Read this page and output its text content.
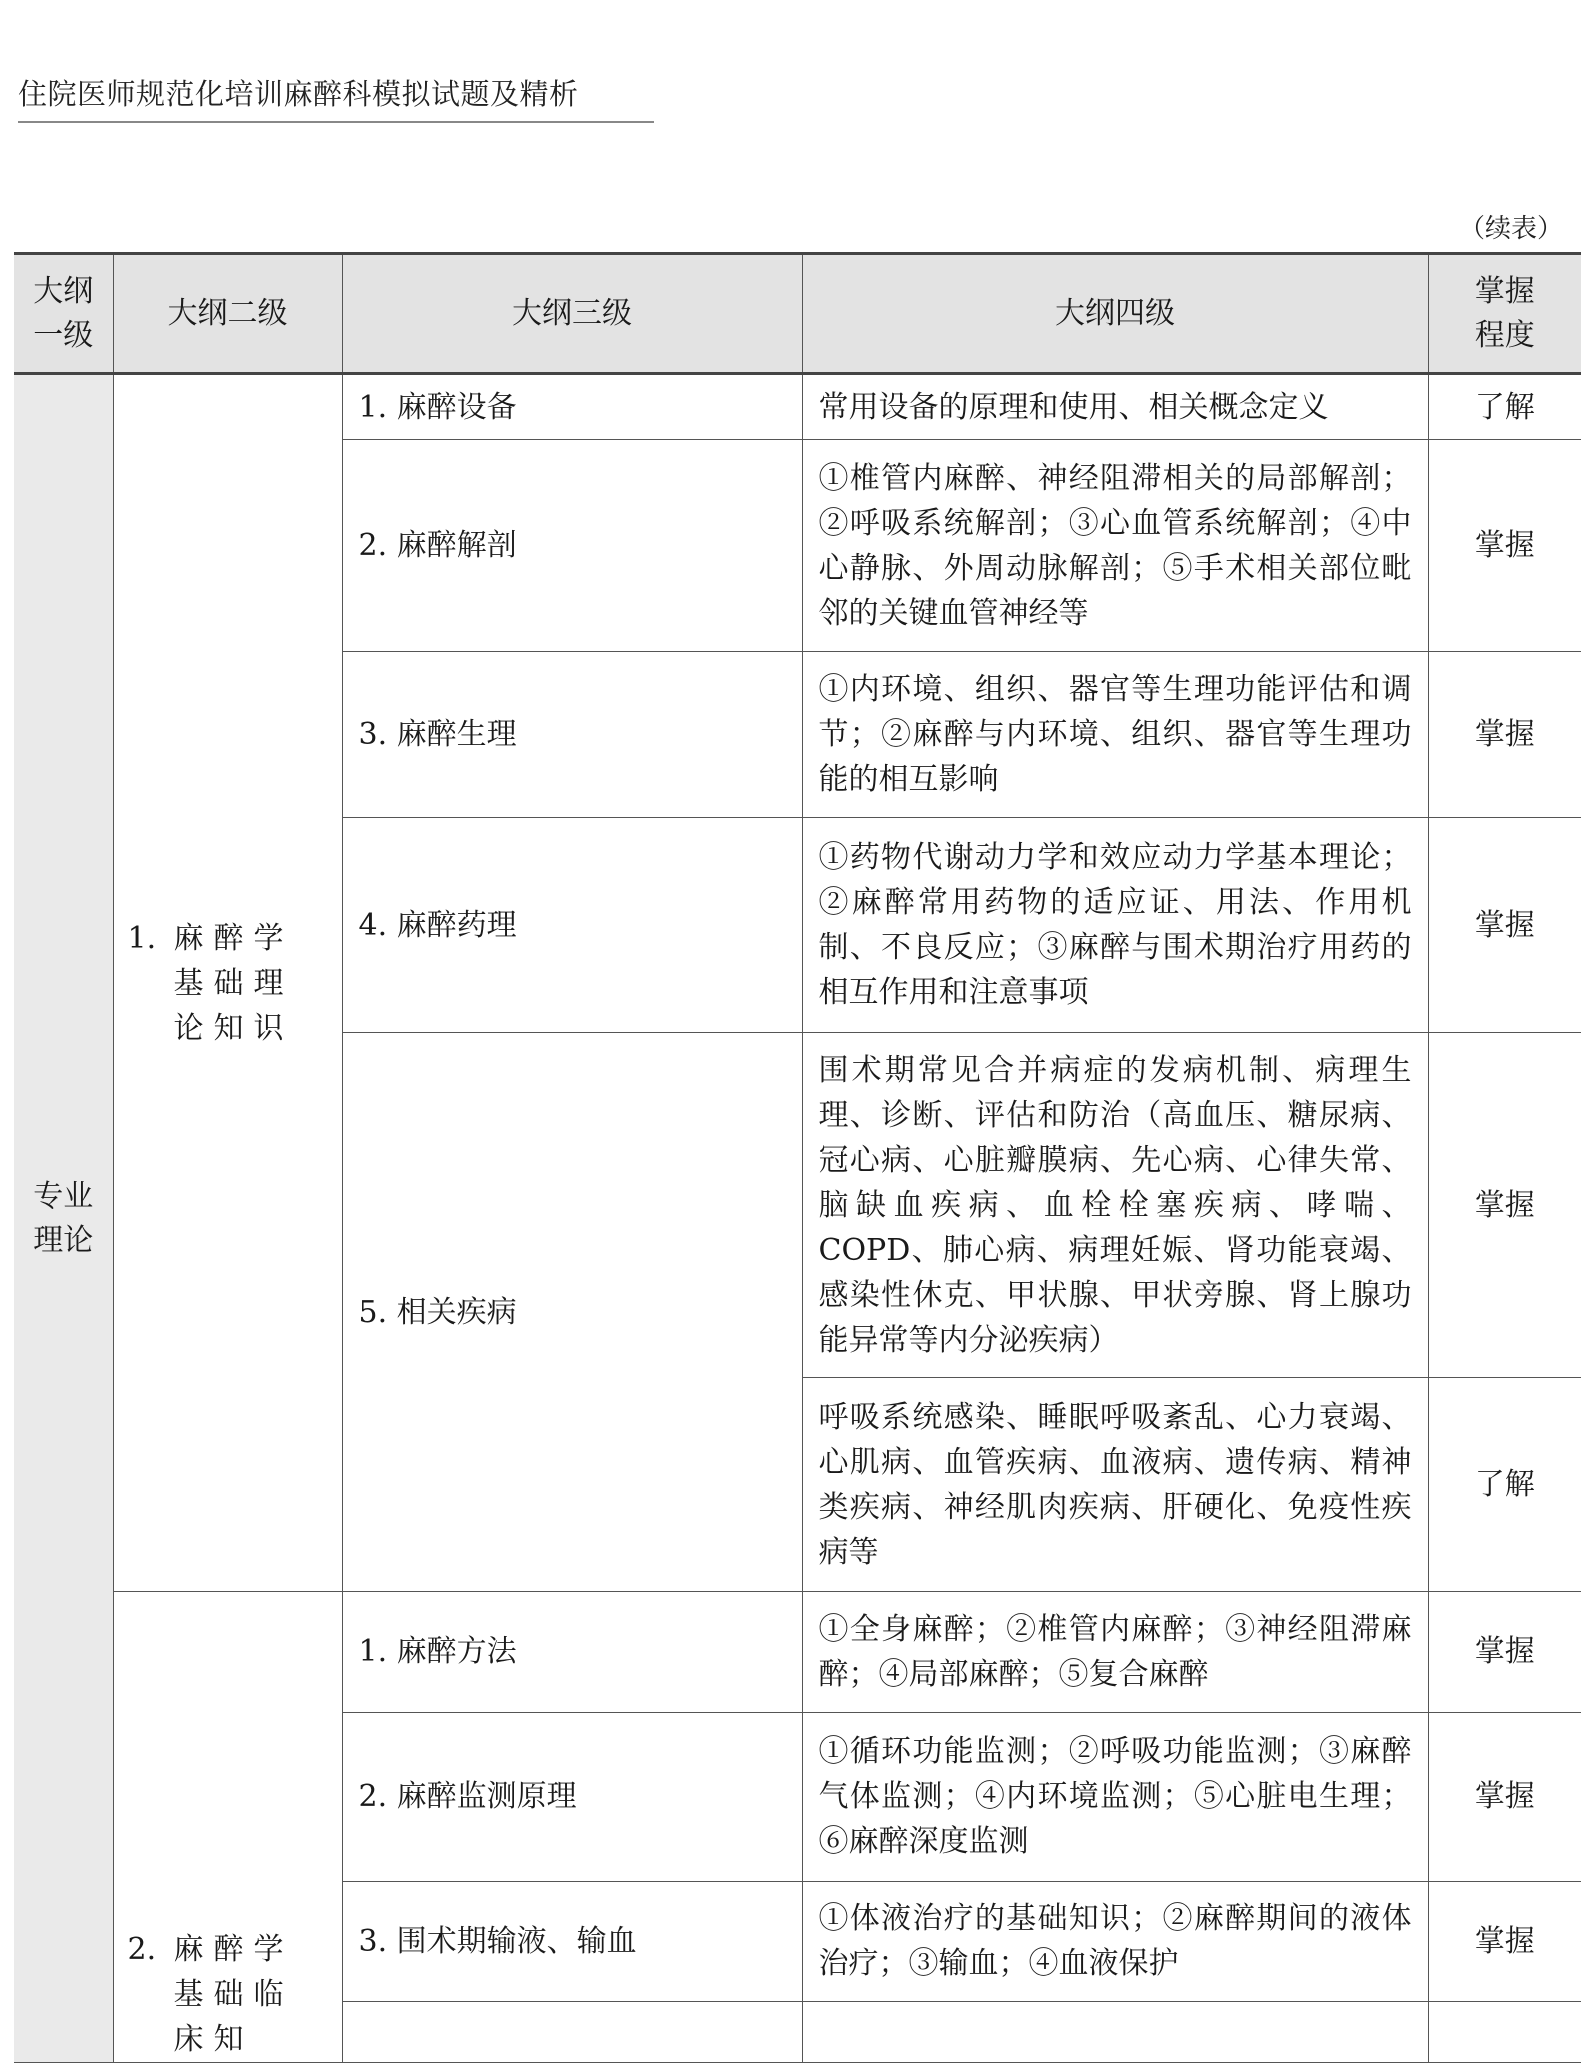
住院医师规范化培训麻醉科模拟试题及精析
（续表）
大纲一级	大纲二级	大纲三级	大纲四级	掌握程度
专业理论	1. 麻醉学基础理论知识	1. 麻醉设备	常用设备的原理和使用、相关概念定义	了解
		2. 麻醉解剖	①椎管内麻醉、神经阻滞相关的局部解剖；②呼吸系统解剖；③心血管系统解剖；④中心静脉、外周动脉解剖；⑤手术相关部位毗邻的关键血管神经等	掌握
		3. 麻醉生理	①内环境、组织、器官等生理功能评估和调节；②麻醉与内环境、组织、器官等生理功能的相互影响	掌握
		4. 麻醉药理	①药物代谢动力学和效应动力学基本理论；②麻醉常用药物的适应证、用法、作用机制、不良反应；③麻醉与围术期治疗用药的相互作用和注意事项	掌握
		5. 相关疾病	围术期常见合并病症的发病机制、病理生理、诊断、评估和防治（高血压、糖尿病、冠心病、心脏瓣膜病、先心病、心律失常、脑缺血疾病、血栓栓塞疾病、哮喘、COPD、肺心病、病理妊娠、肾功能衰竭、感染性休克、甲状腺、甲状旁腺、肾上腺功能异常等内分泌疾病）	掌握
			呼吸系统感染、睡眠呼吸紊乱、心力衰竭、心肌病、血管疾病、血液病、遗传病、精神类疾病、神经肌肉疾病、肝硬化、免疫性疾病等	了解

	2. 麻醉学基础临床知	1. 麻醉方法	①全身麻醉；②椎管内麻醉；③神经阻滞麻醉；④局部麻醉；⑤复合麻醉	掌握
		2. 麻醉监测原理	①循环功能监测；②呼吸功能监测；③麻醉气体监测；④内环境监测；⑤心脏电生理；⑥麻醉深度监测	掌握
		3. 围术期输液、输血	①体液治疗的基础知识；②麻醉期间的液体治疗；③输血；④血液保护	掌握
